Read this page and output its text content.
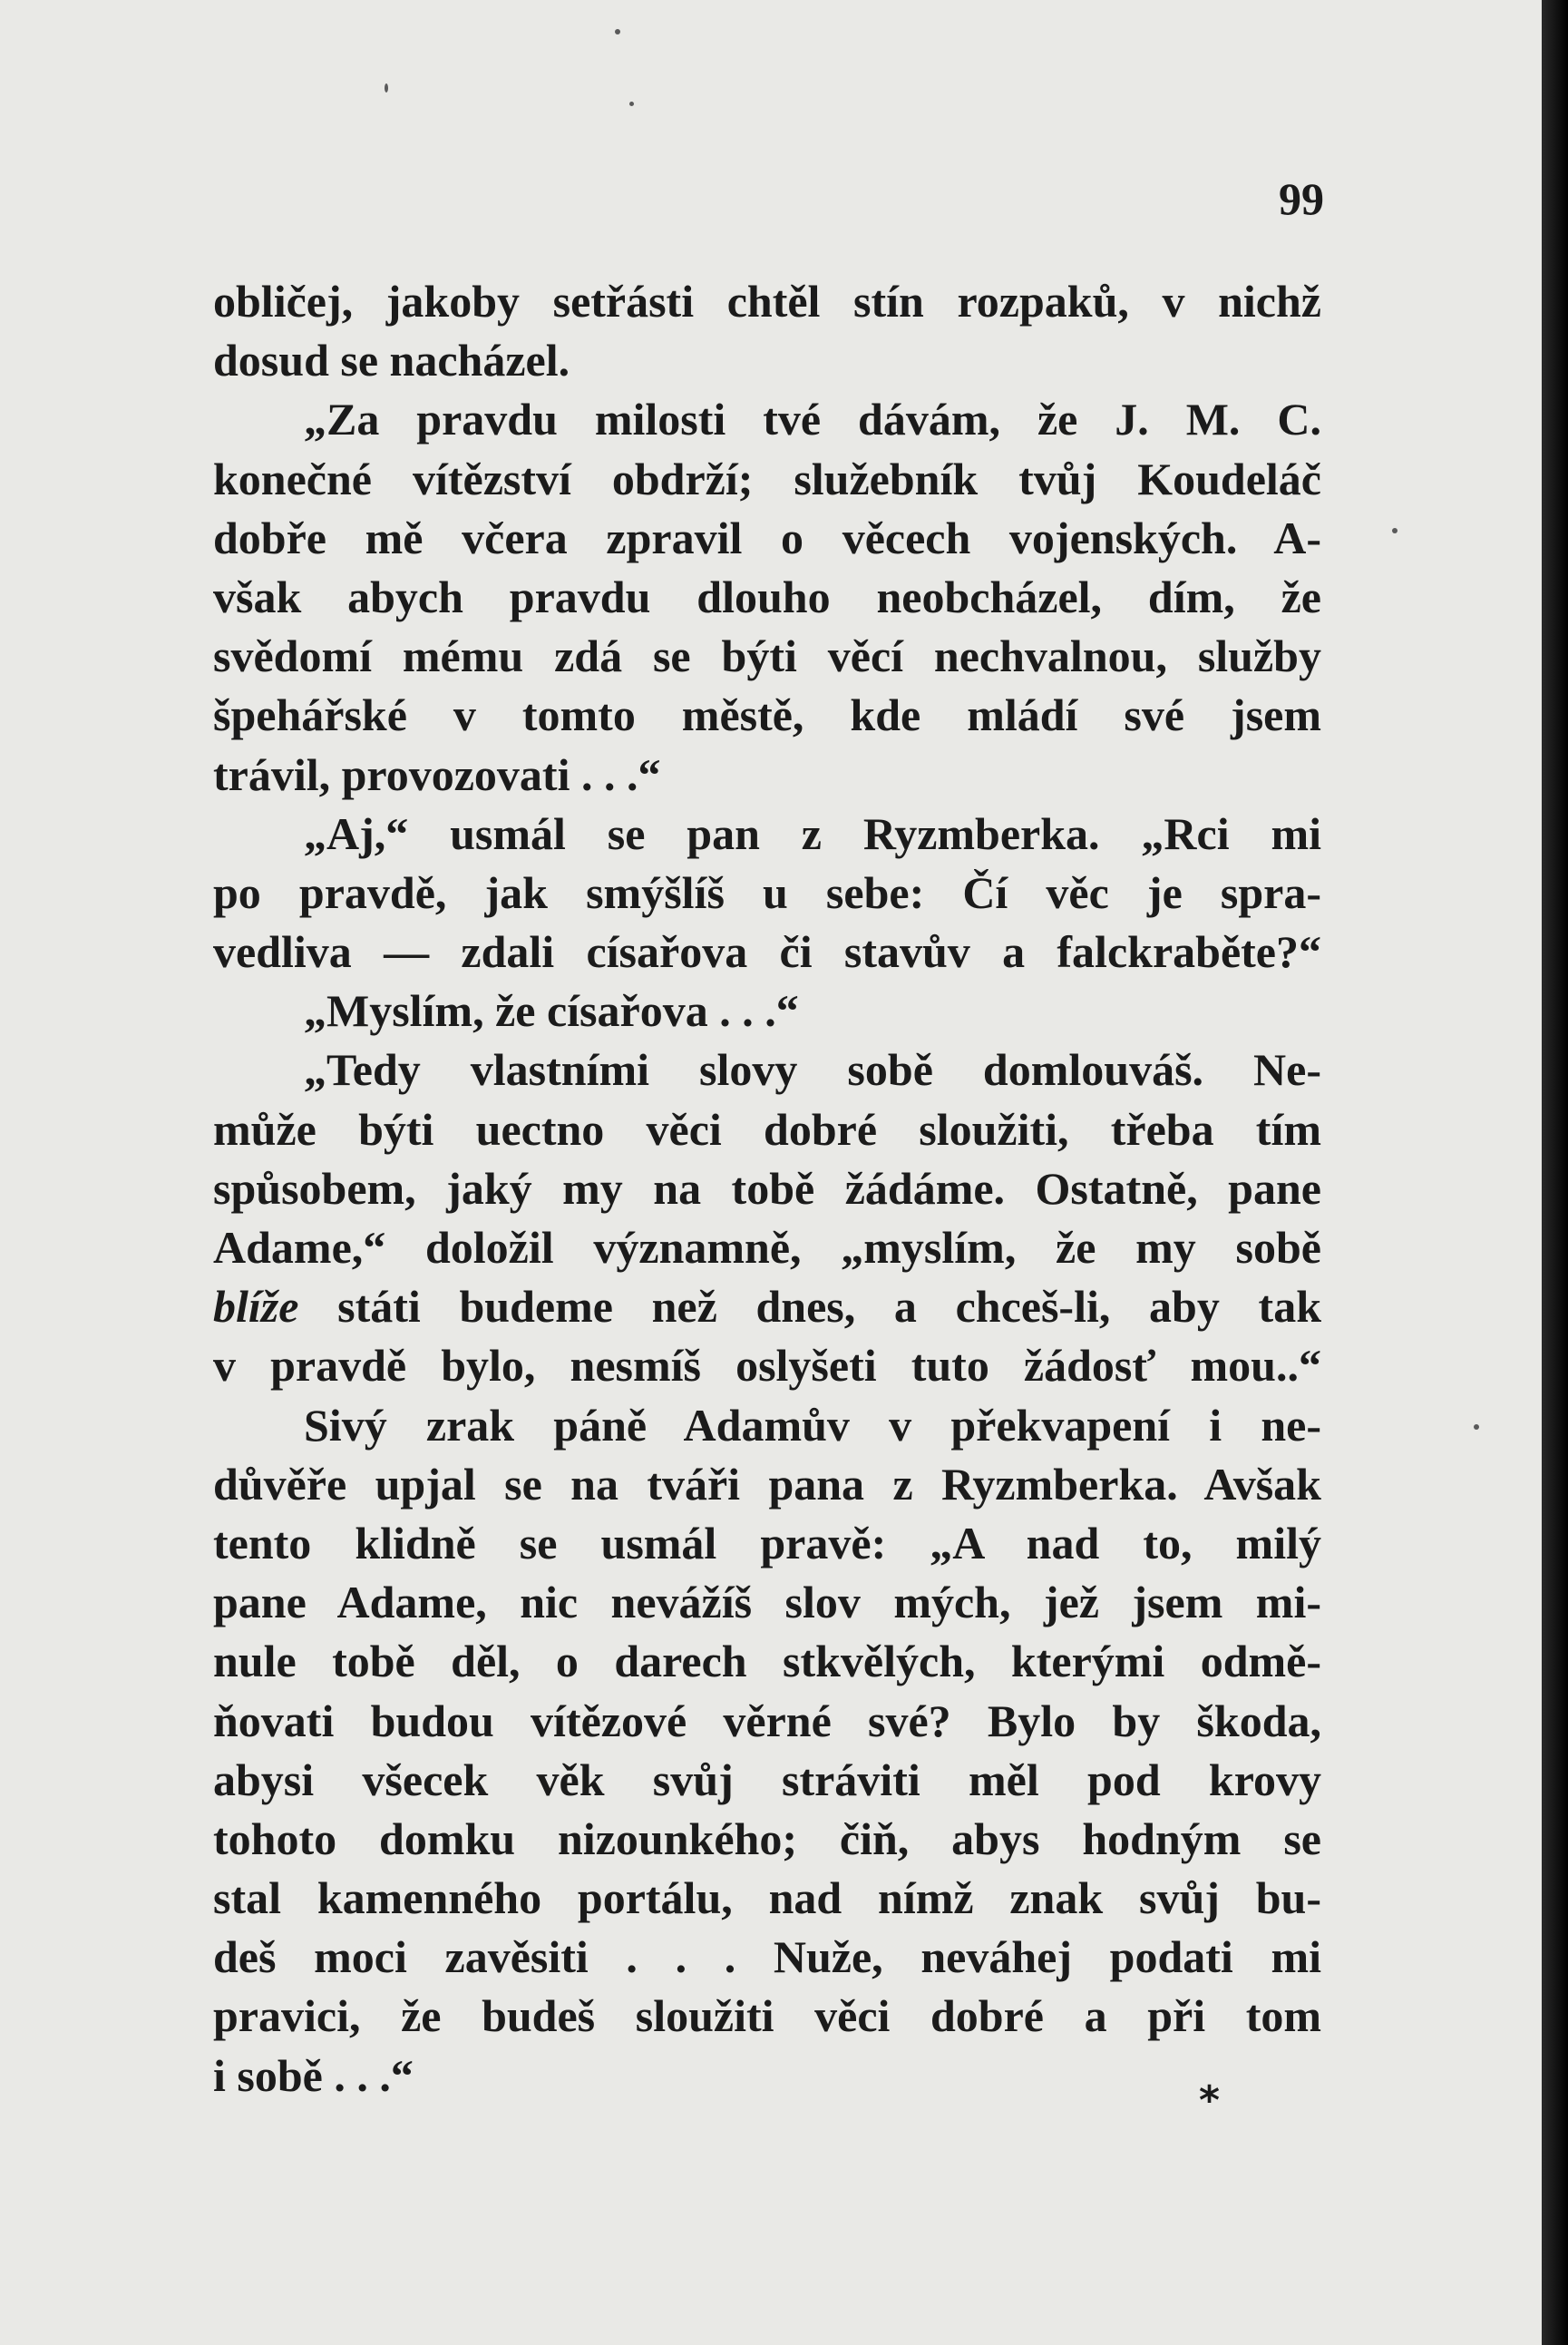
99
obličej, jakoby setřásti chtěl stín rozpaků, v nichž
dosud se nacházel.
„Za pravdu milosti tvé dávám, že J. M. C.
konečné vítězství obdrží; služebník tvůj Koudeláč
dobře mě včera zpravil o věcech vojenských. A-
však abych pravdu dlouho neobcházel, dím, že
svědomí mému zdá se býti věcí nechvalnou, služby
špehářské v tomto městě, kde mládí své jsem
trávil, provozovati . . .“
„Aj,“ usmál se pan z Ryzmberka. „Rci mi
po pravdě, jak smýšlíš u sebe: Čí věc je spra-
vedliva — zdali císařova či stavův a falckraběte?“
„Myslím, že císařova . . .“
„Tedy vlastními slovy sobě domlouváš. Ne-
může býti uectno věci dobré sloužiti, třeba tím
spůsobem, jaký my na tobě žádáme. Ostatně, pane
Adame,“ doložil významně, „myslím, že my sobě
blíže státi budeme než dnes, a chceš-li, aby tak
v pravdě bylo, nesmíš oslyšeti tuto žádosť mou..“
Sivý zrak páně Adamův v překvapení i ne-
důvěře upjal se na tváři pana z Ryzmberka. Avšak
tento klidně se usmál pravě: „A nad to, milý
pane Adame, nic nevážíš slov mých, jež jsem mi-
nule tobě děl, o darech stkvělých, kterými odmě-
ňovati budou vítězové věrné své? Bylo by škoda,
abysi všecek věk svůj stráviti měl pod krovy
tohoto domku nizounkého; čiň, abys hodným se
stal kamenného portálu, nad nímž znak svůj bu-
deš moci zavěsiti . . . Nuže, neváhej podati mi
pravici, že budeš sloužiti věci dobré a při tom
i sobě . . .“	*
